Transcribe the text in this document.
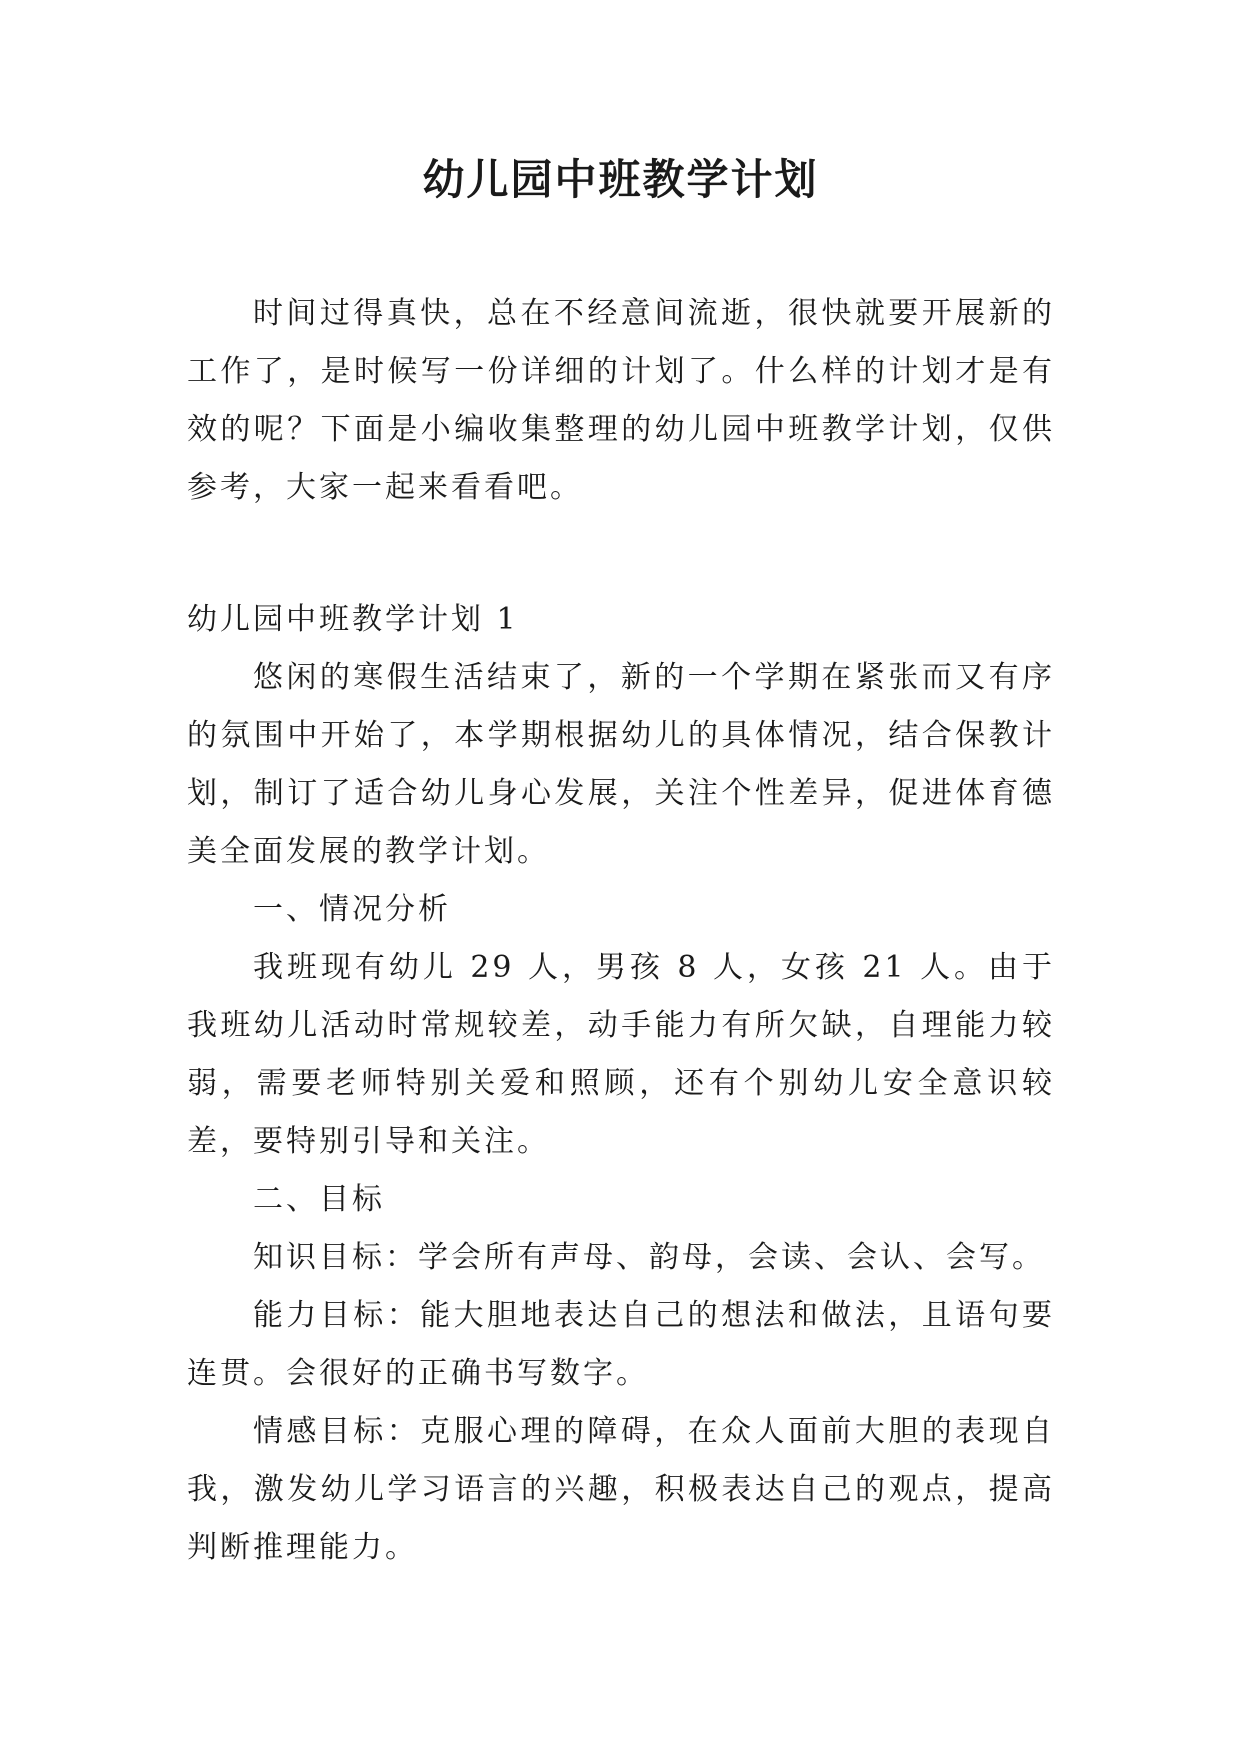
幼儿园中班教学计划

时间过得真快，总在不经意间流逝，很快就要开展新的工作了，是时候写一份详细的计划了。什么样的计划才是有效的呢？下面是小编收集整理的幼儿园中班教学计划，仅供参考，大家一起来看看吧。

幼儿园中班教学计划 1

悠闲的寒假生活结束了，新的一个学期在紧张而又有序的氛围中开始了，本学期根据幼儿的具体情况，结合保教计划，制订了适合幼儿身心发展，关注个性差异，促进体育德美全面发展的教学计划。

一、情况分析

我班现有幼儿 29 人，男孩 8 人，女孩 21 人。由于我班幼儿活动时常规较差，动手能力有所欠缺，自理能力较弱，需要老师特别关爱和照顾，还有个别幼儿安全意识较差，要特别引导和关注。

二、目标

知识目标：学会所有声母、韵母，会读、会认、会写。

能力目标：能大胆地表达自己的想法和做法，且语句要连贯。会很好的正确书写数字。

情感目标：克服心理的障碍，在众人面前大胆的表现自我，激发幼儿学习语言的兴趣，积极表达自己的观点，提高判断推理能力。
